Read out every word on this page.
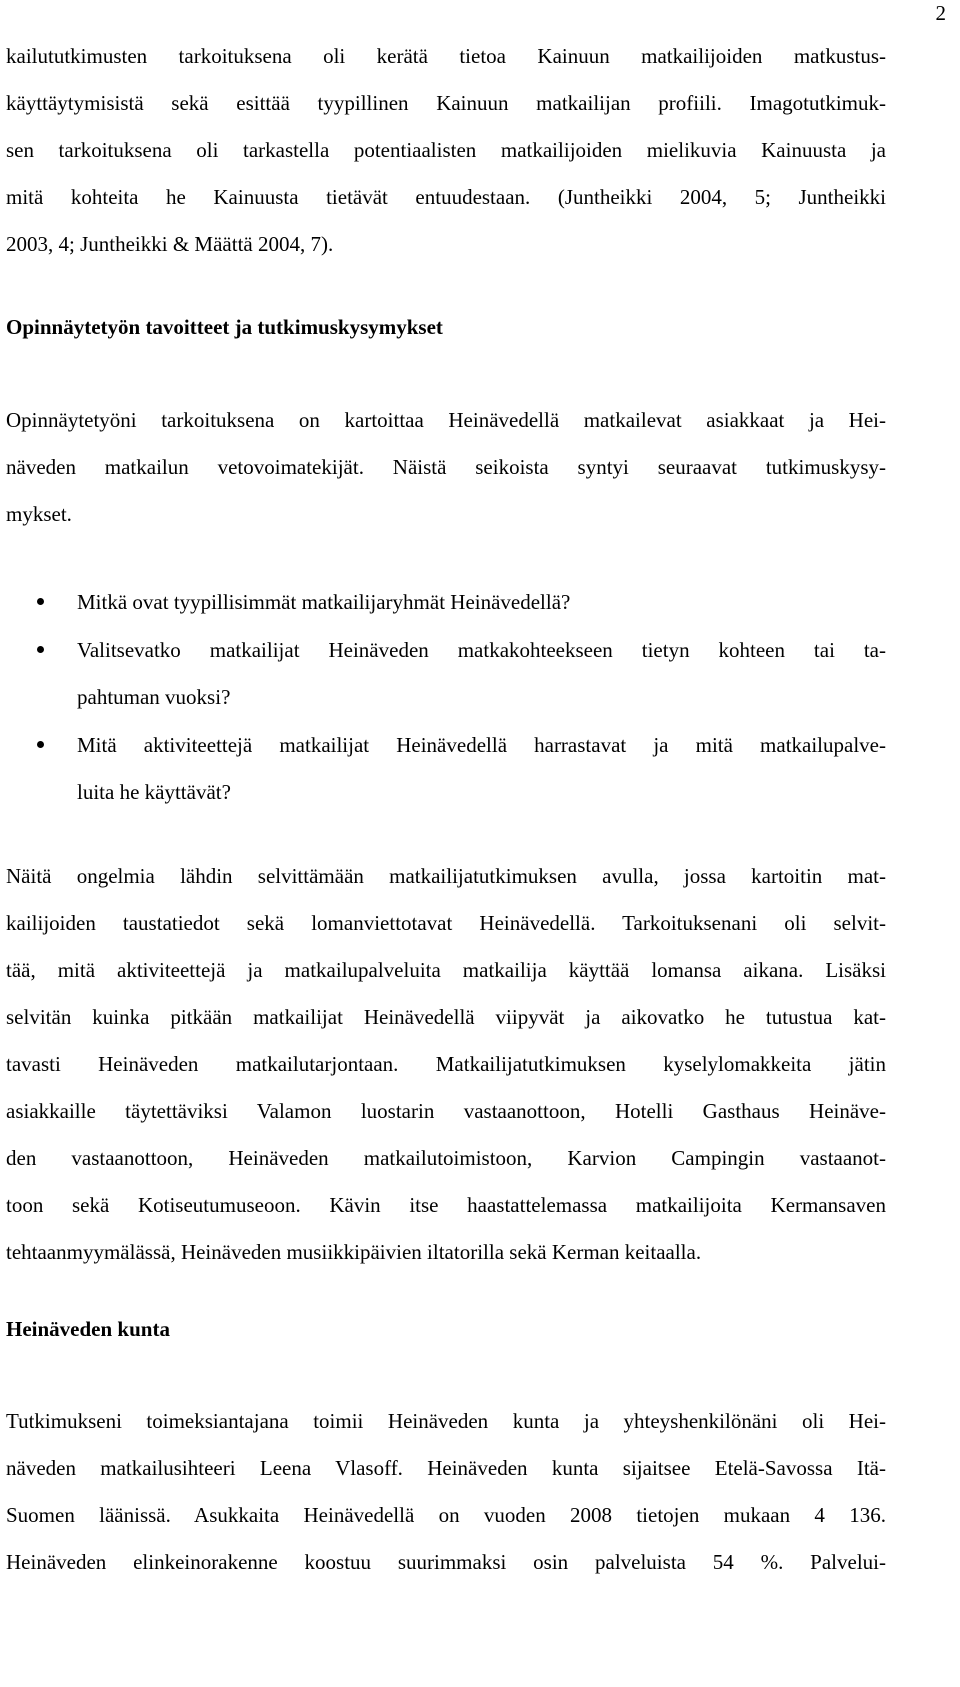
2
kailututkimusten tarkoituksena oli kerätä tietoa Kainuun matkailijoiden matkustus-
käyttäytymisistä sekä esittää tyypillinen Kainuun matkailijan profiili. Imagotutkimuk-
sen tarkoituksena oli tarkastella potentiaalisten matkailijoiden mielikuvia Kainuusta ja
mitä kohteita he Kainuusta tietävät entuudestaan. (Juntheikki 2004, 5; Juntheikki
2003, 4; Juntheikki & Määttä 2004, 7).
Opinnäytetyön tavoitteet ja tutkimuskysymykset
Opinnäytetyöni tarkoituksena on kartoittaa Heinävedellä matkailevat asiakkaat ja Hei-
näveden matkailun vetovoimatekijät. Näistä seikoista syntyi seuraavat tutkimuskysy-
mykset.
Mitkä ovat tyypillisimmät matkailijaryhmät Heinävedellä?
Valitsevatko matkailijat Heinäveden matkakohteekseen tietyn kohteen tai ta-
pahtuman vuoksi?
Mitä aktiviteettejä matkailijat Heinävedellä harrastavat ja mitä matkailupalve-
luita he käyttävät?
Näitä ongelmia lähdin selvittämään matkailijatutkimuksen avulla, jossa kartoitin mat-
kailijoiden taustatiedot sekä lomanviettotavat Heinävedellä. Tarkoituksenani oli selvit-
tää, mitä aktiviteettejä ja matkailupalveluita matkailija käyttää lomansa aikana. Lisäksi
selvitän kuinka pitkään matkailijat Heinävedellä viipyvät ja aikovatko he tutustua kat-
tavasti Heinäveden matkailutarjontaan. Matkailijatutkimuksen kyselylomakkeita jätin
asiakkaille täytettäviksi Valamon luostarin vastaanottoon, Hotelli Gasthaus Heinäve-
den vastaanottoon, Heinäveden matkailutoimistoon, Karvion Campingin vastaanot-
toon sekä Kotiseutumuseoon. Kävin itse haastattelemassa matkailijoita Kermansaven
tehtaanmyymälässä, Heinäveden musiikkipäivien iltatorilla sekä Kerman keitaalla.
Heinäveden kunta
Tutkimukseni toimeksiantajana toimii Heinäveden kunta ja yhteyshenkilönäni oli Hei-
näveden matkailusihteeri Leena Vlasoff. Heinäveden kunta sijaitsee Etelä-Savossa Itä-
Suomen läänissä. Asukkaita Heinävedellä on vuoden 2008 tietojen mukaan 4 136.
Heinäveden elinkeinorakenne koostuu suurimmaksi osin palveluista 54 %. Palvelui-
